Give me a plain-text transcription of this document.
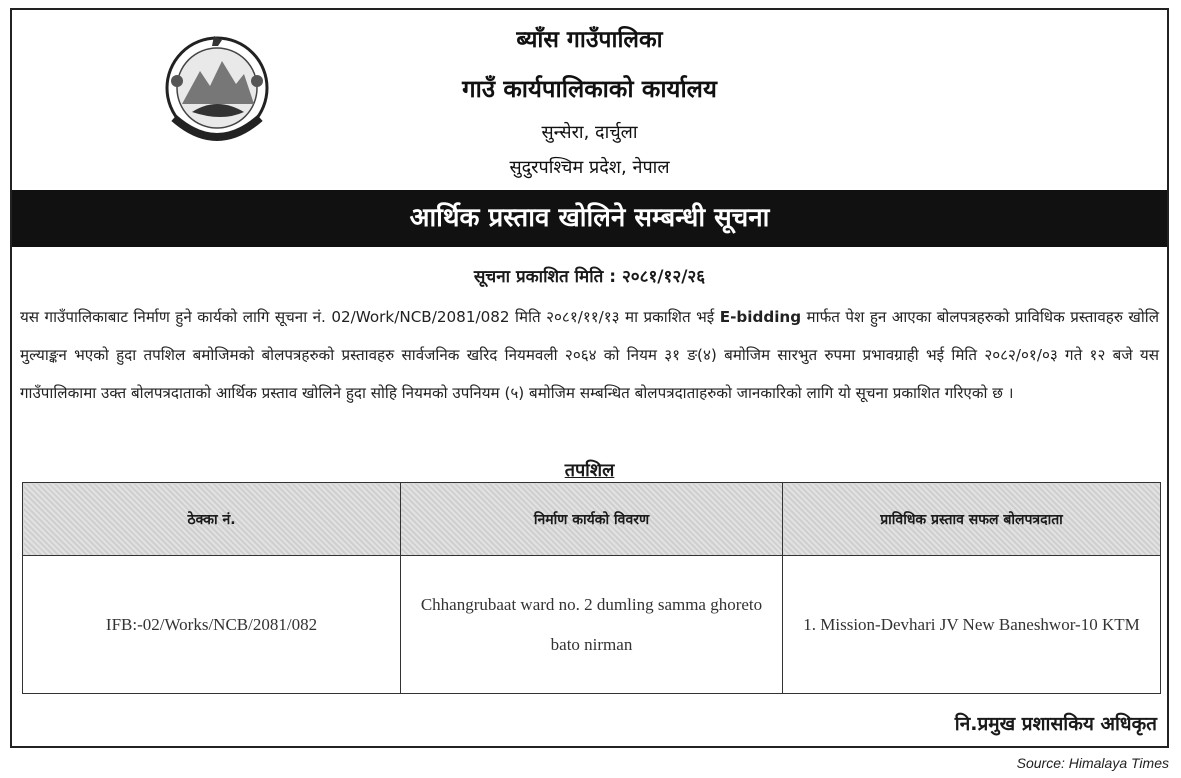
ब्याँस गाउँपालिका
गाउँ कार्यपालिकाको कार्यालय
सुन्सेरा, दार्चुला
सुदुरपश्चिम प्रदेश, नेपाल
आर्थिक प्रस्ताव खोलिने सम्बन्धी सूचना
सूचना प्रकाशित मिति : २०८१/१२/२६
यस गाउँपालिकाबाट निर्माण हुने कार्यको लागि सूचना नं. 02/Work/NCB/2081/082 मिति २०८१/११/१३ मा प्रकाशित भई E-bidding मार्फत पेश हुन आएका बोलपत्रहरुको प्राविधिक प्रस्तावहरु खोलि मुल्याङ्कन भएको हुदा तपशिल बमोजिमको बोलपत्रहरुको प्रस्तावहरु सार्वजनिक खरिद नियमवली २०६४ को नियम ३१ ङ(४) बमोजिम सारभुत रुपमा प्रभावग्राही भई मिति २०८२/०१/०३ गते १२ बजे यस गाउँपालिकामा उक्त बोलपत्रदाताको आर्थिक प्रस्ताव खोलिने हुदा सोहि नियमको उपनियम (५) बमोजिम सम्बन्धित बोलपत्रदाताहरुको जानकारिको लागि यो सूचना प्रकाशित गरिएको छ ।
तपशिल
ठेक्का नं.	निर्माण कार्यको विवरण	प्राविधिक प्रस्ताव सफल बोलपत्रदाता
IFB:-02/Works/NCB/2081/082	Chhangrubaat ward no. 2 dumling samma ghoreto bato nirman	1. Mission-Devhari JV New Baneshwor-10 KTM
नि.प्रमुख प्रशासकिय अधिकृत
Source: Himalaya Times
